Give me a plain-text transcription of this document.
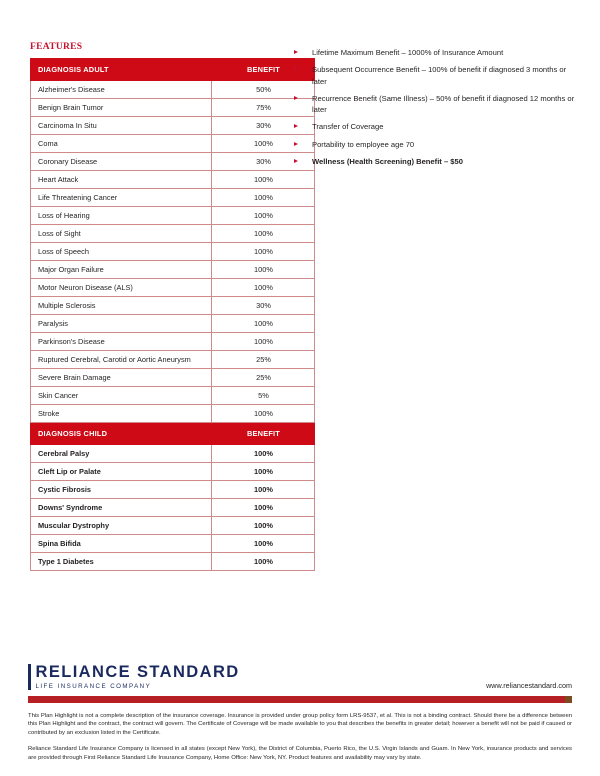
FEATURES
DIAGNOSIS ADULT	BENEFIT
Alzheimer's Disease	50%
Benign Brain Tumor	75%
Carcinoma In Situ	30%
Coma	100%
Coronary Disease	30%
Heart Attack	100%
Life Threatening Cancer	100%
Loss of Hearing	100%
Loss of Sight	100%
Loss of Speech	100%
Major Organ Failure	100%
Motor Neuron Disease (ALS)	100%
Multiple Sclerosis	30%
Paralysis	100%
Parkinson's Disease	100%
Ruptured Cerebral, Carotid or Aortic Aneurysm	25%
Severe Brain Damage	25%
Skin Cancer	5%
Stroke	100%
DIAGNOSIS CHILD	BENEFIT
Cerebral Palsy	100%
Cleft Lip or Palate	100%
Cystic Fibrosis	100%
Downs' Syndrome	100%
Muscular Dystrophy	100%
Spina Bifida	100%
Type 1 Diabetes	100%
Lifetime Maximum Benefit – 1000% of Insurance Amount
Subsequent Occurrence Benefit – 100% of benefit if diagnosed 3 months or later
Recurrence Benefit (Same Illness) – 50% of benefit if diagnosed 12 months or later
Transfer of Coverage
Portability to employee age 70
Wellness (Health Screening) Benefit – $50
RELIANCE STANDARD
LIFE INSURANCE COMPANY	www.reliancestandard.com

This Plan Highlight is not a complete description of the insurance coverage. Insurance is provided under group policy form LRS-9537, et al. This is not a binding contract. Should there be a difference between this Plan Highlight and the contract, the contract will govern. The Certificate of Coverage will be made available to you that describes the benefits in greater detail; however a benefit will not be paid if caused or contributed by an exclusion listed in the Certificate.

Reliance Standard Life Insurance Company is licensed in all states (except New York), the District of Columbia, Puerto Rico, the U.S. Virgin Islands and Guam. In New York, insurance products and services are provided through First Reliance Standard Life Insurance Company, Home Office: New York, NY. Product features and availability may vary by state.
